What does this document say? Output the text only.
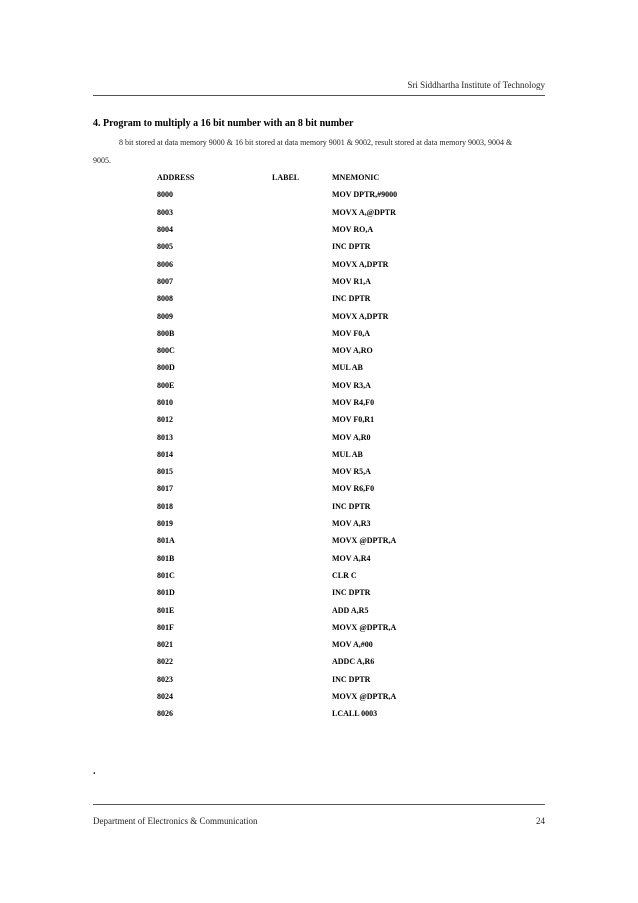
Sri Siddhartha Institute of Technology
4. Program to multiply a 16 bit number with an 8 bit number
8 bit stored at data memory 9000 & 16 bit stored at data memory 9001 & 9002, result stored at data memory 9003, 9004 &
9005.
ADDRESS	LABEL	MNEMONIC
8000		MOV DPTR,#9000
8003		MOVX A,@DPTR
8004		MOV RO,A
8005		INC DPTR
8006		MOVX A,DPTR
8007		MOV R1,A
8008		INC DPTR
8009		MOVX A,DPTR
800B		MOV F0,A
800C		MOV A,RO
800D		MUL AB
800E		MOV R3,A
8010		MOV R4,F0
8012		MOV F0,R1
8013		MOV A,R0
8014		MUL AB
8015		MOV R5,A
8017		MOV R6,F0
8018		INC DPTR
8019		MOV A,R3
801A		MOVX @DPTR,A
801B		MOV A,R4
801C		CLR C
801D		INC DPTR
801E		ADD A,R5
801F		MOVX @DPTR,A
8021		MOV A,#00
8022		ADDC A,R6
8023		INC DPTR
8024		MOVX @DPTR,A
8026		LCALL 0003
.
Department of Electronics & Communication	24
